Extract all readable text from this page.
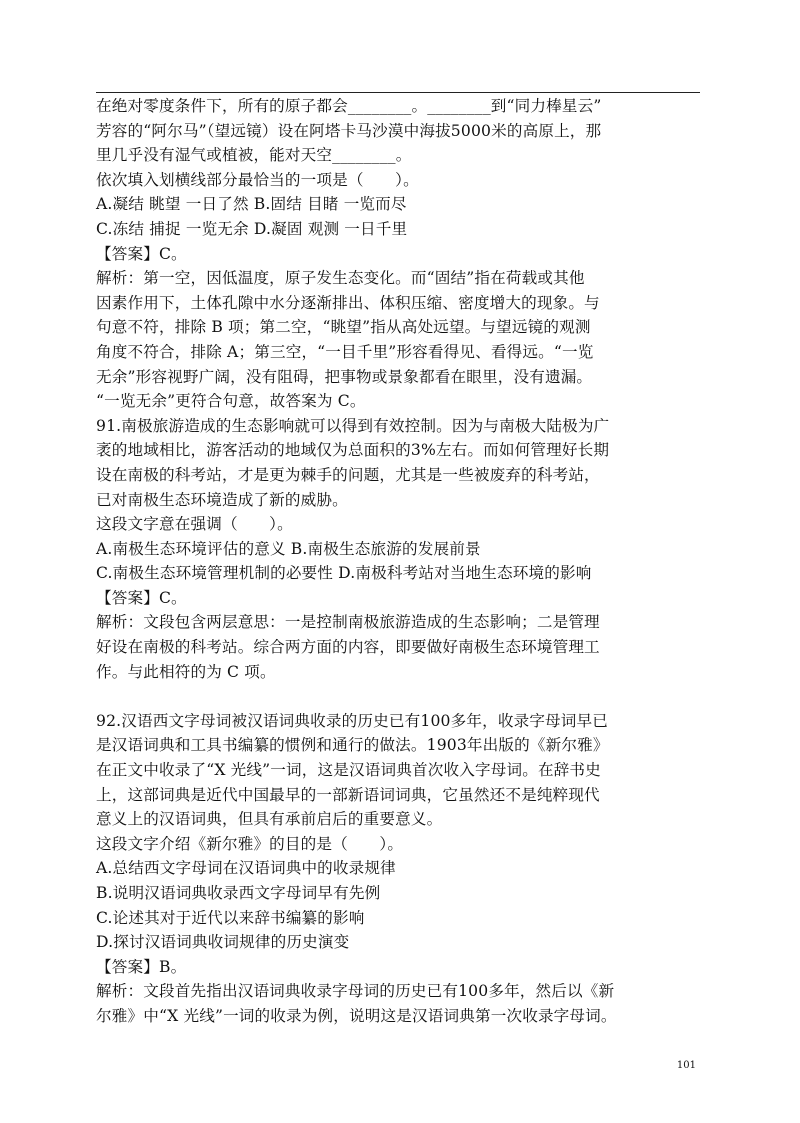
在绝对零度条件下，所有的原子都会________。________到“同力棒星云”

芳容的“阿尔马”（望远镜）设在阿塔卡马沙漠中海拔5000米的高原上，那

里几乎没有湿气或植被，能对天空________。

依次填入划横线部分最恰当的一项是（　　）。

A.凝结 眺望 一日了然 B.固结 目睹 一览而尽

C.冻结 捕捉 一览无余 D.凝固 观测 一日千里

【答案】C。

解析：第一空，因低温度，原子发生态变化。而“固结”指在荷载或其他

因素作用下，土体孔隙中水分逐渐排出、体积压缩、密度增大的现象。与

句意不符，排除 B 项；第二空，“眺望”指从高处远望。与望远镜的观测

角度不符合，排除 A；第三空，“一目千里”形容看得见、看得远。“一览

无余”形容视野广阔，没有阻碍，把事物或景象都看在眼里，没有遗漏。

“一览无余”更符合句意，故答案为 C。

91.南极旅游造成的生态影响就可以得到有效控制。因为与南极大陆极为广

袤的地域相比，游客活动的地域仅为总面积的3%左右。而如何管理好长期

设在南极的科考站，才是更为棘手的问题，尤其是一些被废弃的科考站，

已对南极生态环境造成了新的威胁。

这段文字意在强调（　　）。

A.南极生态环境评估的意义 B.南极生态旅游的发展前景

C.南极生态环境管理机制的必要性 D.南极科考站对当地生态环境的影响

【答案】C。

解析：文段包含两层意思：一是控制南极旅游造成的生态影响；二是管理

好设在南极的科考站。综合两方面的内容，即要做好南极生态环境管理工

作。与此相符的为 C 项。

92.汉语西文字母词被汉语词典收录的历史已有100多年，收录字母词早已

是汉语词典和工具书编纂的惯例和通行的做法。1903年出版的《新尔雅》

在正文中收录了“X 光线”一词，这是汉语词典首次收入字母词。在辞书史

上，这部词典是近代中国最早的一部新语词词典，它虽然还不是纯粹现代

意义上的汉语词典，但具有承前启后的重要意义。

这段文字介绍《新尔雅》的目的是（　　）。

A.总结西文字母词在汉语词典中的收录规律

B.说明汉语词典收录西文字母词早有先例

C.论述其对于近代以来辞书编纂的影响

D.探讨汉语词典收词规律的历史演变

【答案】B。

解析：文段首先指出汉语词典收录字母词的历史已有100多年，然后以《新

尔雅》中“X 光线”一词的收录为例，说明这是汉语词典第一次收录字母词。

101
